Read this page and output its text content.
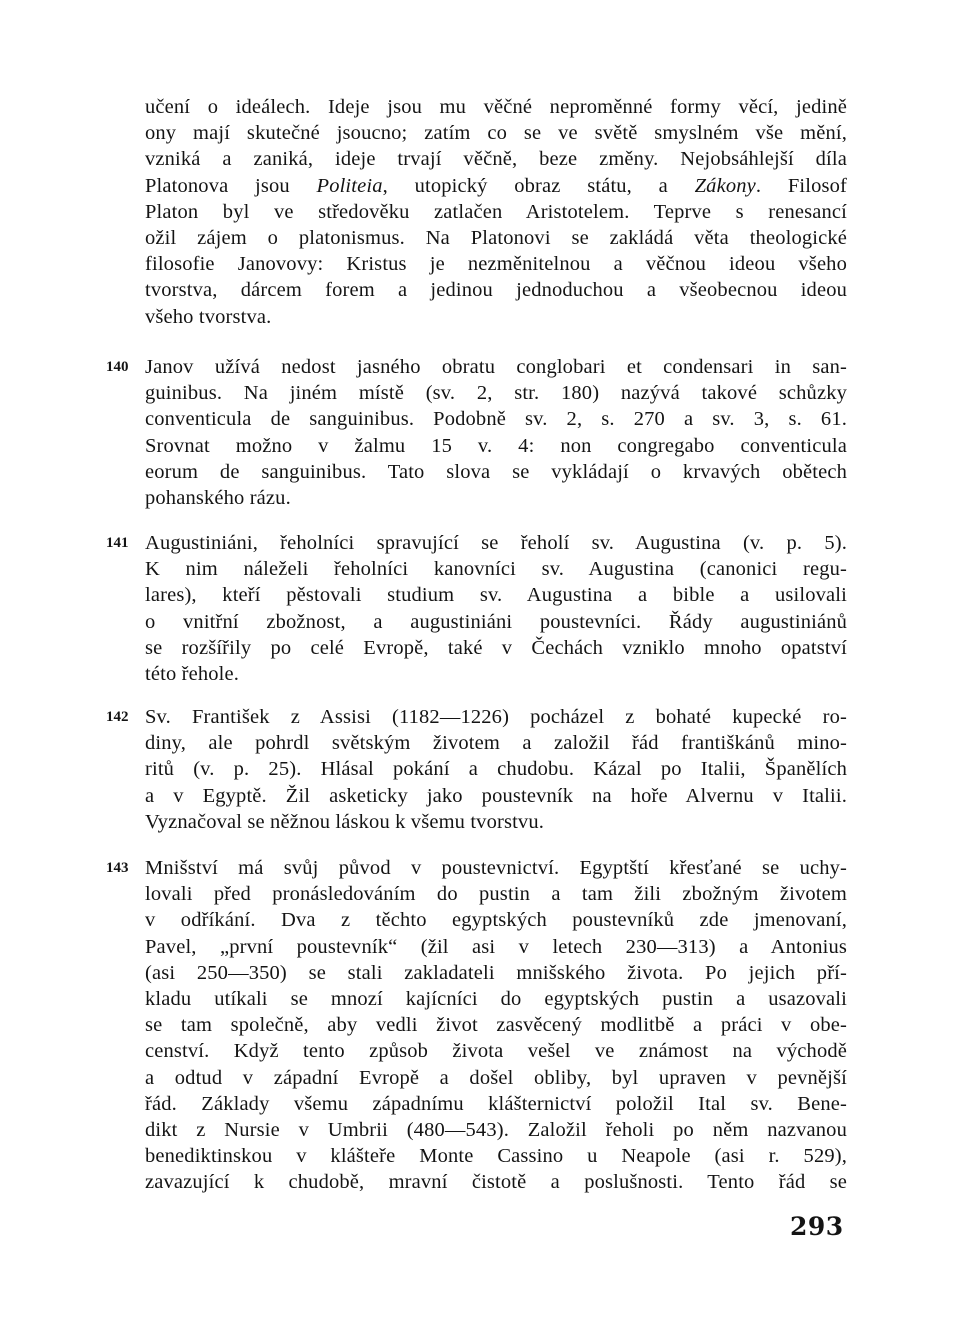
učení o ideálech. Ideje jsou mu věčné neproměnné formy věcí, jedině
ony mají skutečné jsoucno; zatím co se ve světě smyslném vše mění,
vzniká a zaniká, ideje trvají věčně, beze změny. Nejobsáhlejší díla
Platonova jsou Politeia, utopický obraz státu, a Zákony. Filosof
Platon byl ve středověku zatlačen Aristotelem. Teprve s renesancí
ožil zájem o platonismus. Na Platonovi se zakládá věta theologické
filosofie Janovovy: Kristus je nezměnitelnou a věčnou ideou všeho
tvorstva, dárcem forem a jedinou jednoduchou a všeobecnou ideou
všeho tvorstva.
140 Janov užívá nedost jasného obratu conglobari et condensari in san-
guinibus. Na jiném místě (sv. 2, str. 180) nazývá takové schůzky
conventicula de sanguinibus. Podobně sv. 2, s. 270 a sv. 3, s. 61.
Srovnat možno v žalmu 15 v. 4: non congregabo conventicula
eorum de sanguinibus. Tato slova se vykládají o krvavých obětech
pohanského rázu.
141 Augustiniáni, řeholníci spravující se řeholí sv. Augustina (v. p. 5).
K nim náleželi řeholníci kanovníci sv. Augustina (canonici regu-
lares), kteří pěstovali studium sv. Augustina a bible a usilovali
o vnitřní zbožnost, a augustiniáni poustevníci. Řády augustiniánů
se rozšířily po celé Evropě, také v Čechách vzniklo mnoho opatství
této řehole.
142 Sv. František z Assisi (1182—1226) pocházel z bohaté kupecké ro-
diny, ale pohrdl světským životem a založil řád františkánů mino-
ritů (v. p. 25). Hlásal pokání a chudobu. Kázal po Italii, Španělích
a v Egyptě. Žil asketicky jako poustevník na hoře Alvernu v Italii.
Vyznačoval se něžnou láskou k všemu tvorstvu.
143 Mnišství má svůj původ v poustevnictví. Egyptští křesťané se uchy-
lovali před pronásledováním do pustin a tam žili zbožným životem
v odříkání. Dva z těchto egyptských poustevníků zde jmenovaní,
Pavel, „první poustevník“ (žil asi v letech 230—313) a Antonius
(asi 250—350) se stali zakladateli mnišského života. Po jejich pří-
kladu utíkali se mnozí kajícníci do egyptských pustin a usazovali
se tam společně, aby vedli život zasvěcený modlitbě a práci v obe-
cenství. Když tento způsob života vešel ve známost na východě
a odtud v západní Evropě a došel obliby, byl upraven v pevnější
řád. Základy všemu západnímu klášternictví položil Ital sv. Bene-
dikt z Nursie v Umbrii (480—543). Založil řeholi po něm nazvanou
benediktinskou v klášteře Monte Cassino u Neapole (asi r. 529),
zavazující k chudobě, mravní čistotě a poslušnosti. Tento řád se
293
